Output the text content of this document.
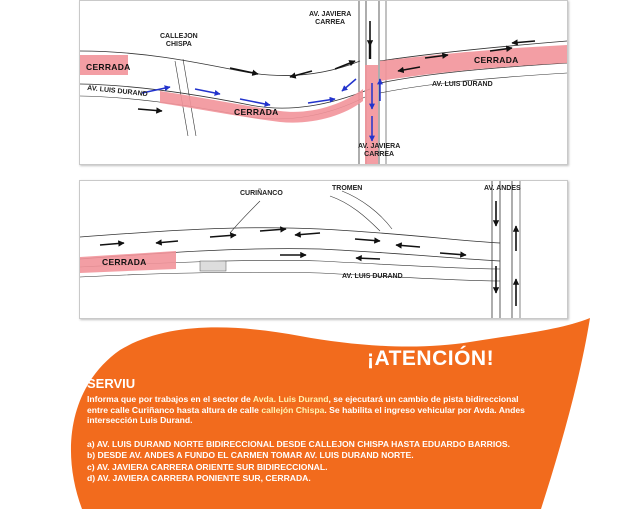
CALLEJON
CHISPA
AV. JAVIERA
CARREA
AV. JAVIERA
CARREA
AV. LUIS DURAND
AV. LUIS DURAND
CERRADA
CERRADA
CERRADA
CURIÑANCO
TROMEN	AV. ANDES
AV. LUIS DURAND
CERRADA
¡ATENCIÓN!
SERVIU
Informa que por trabajos en el sector de Avda. Luis Durand, se ejecutará un cambio de pista bidireccional entre calle Curiñanco hasta altura de calle callejón Chispa. Se habilita el ingreso vehicular por Avda. Andes intersección Luis Durand.
a) AV. LUIS DURAND NORTE BIDIRECCIONAL DESDE CALLEJON CHISPA HASTA EDUARDO BARRIOS.
b) DESDE AV. ANDES A FUNDO EL CARMEN TOMAR AV. LUIS DURAND NORTE.
c) AV. JAVIERA CARRERA ORIENTE SUR BIDIRECCIONAL.
d) AV. JAVIERA CARRERA PONIENTE SUR, CERRADA.
